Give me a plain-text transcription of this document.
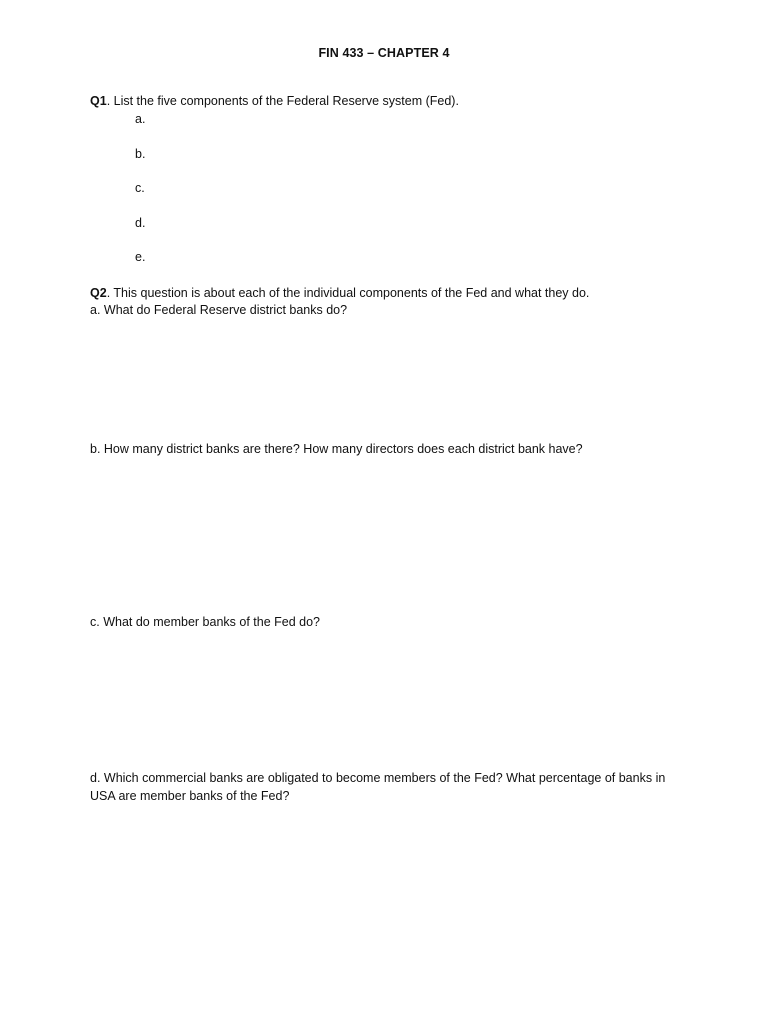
FIN 433 – CHAPTER 4
Q1. List the five components of the Federal Reserve system (Fed).
a.
b.
c.
d.
e.
Q2. This question is about each of the individual components of the Fed and what they do.
a. What do Federal Reserve district banks do?
b. How many district banks are there? How many directors does each district bank have?
c. What do member banks of the Fed do?
d. Which commercial banks are obligated to become members of the Fed? What percentage of banks in USA are member banks of the Fed?
